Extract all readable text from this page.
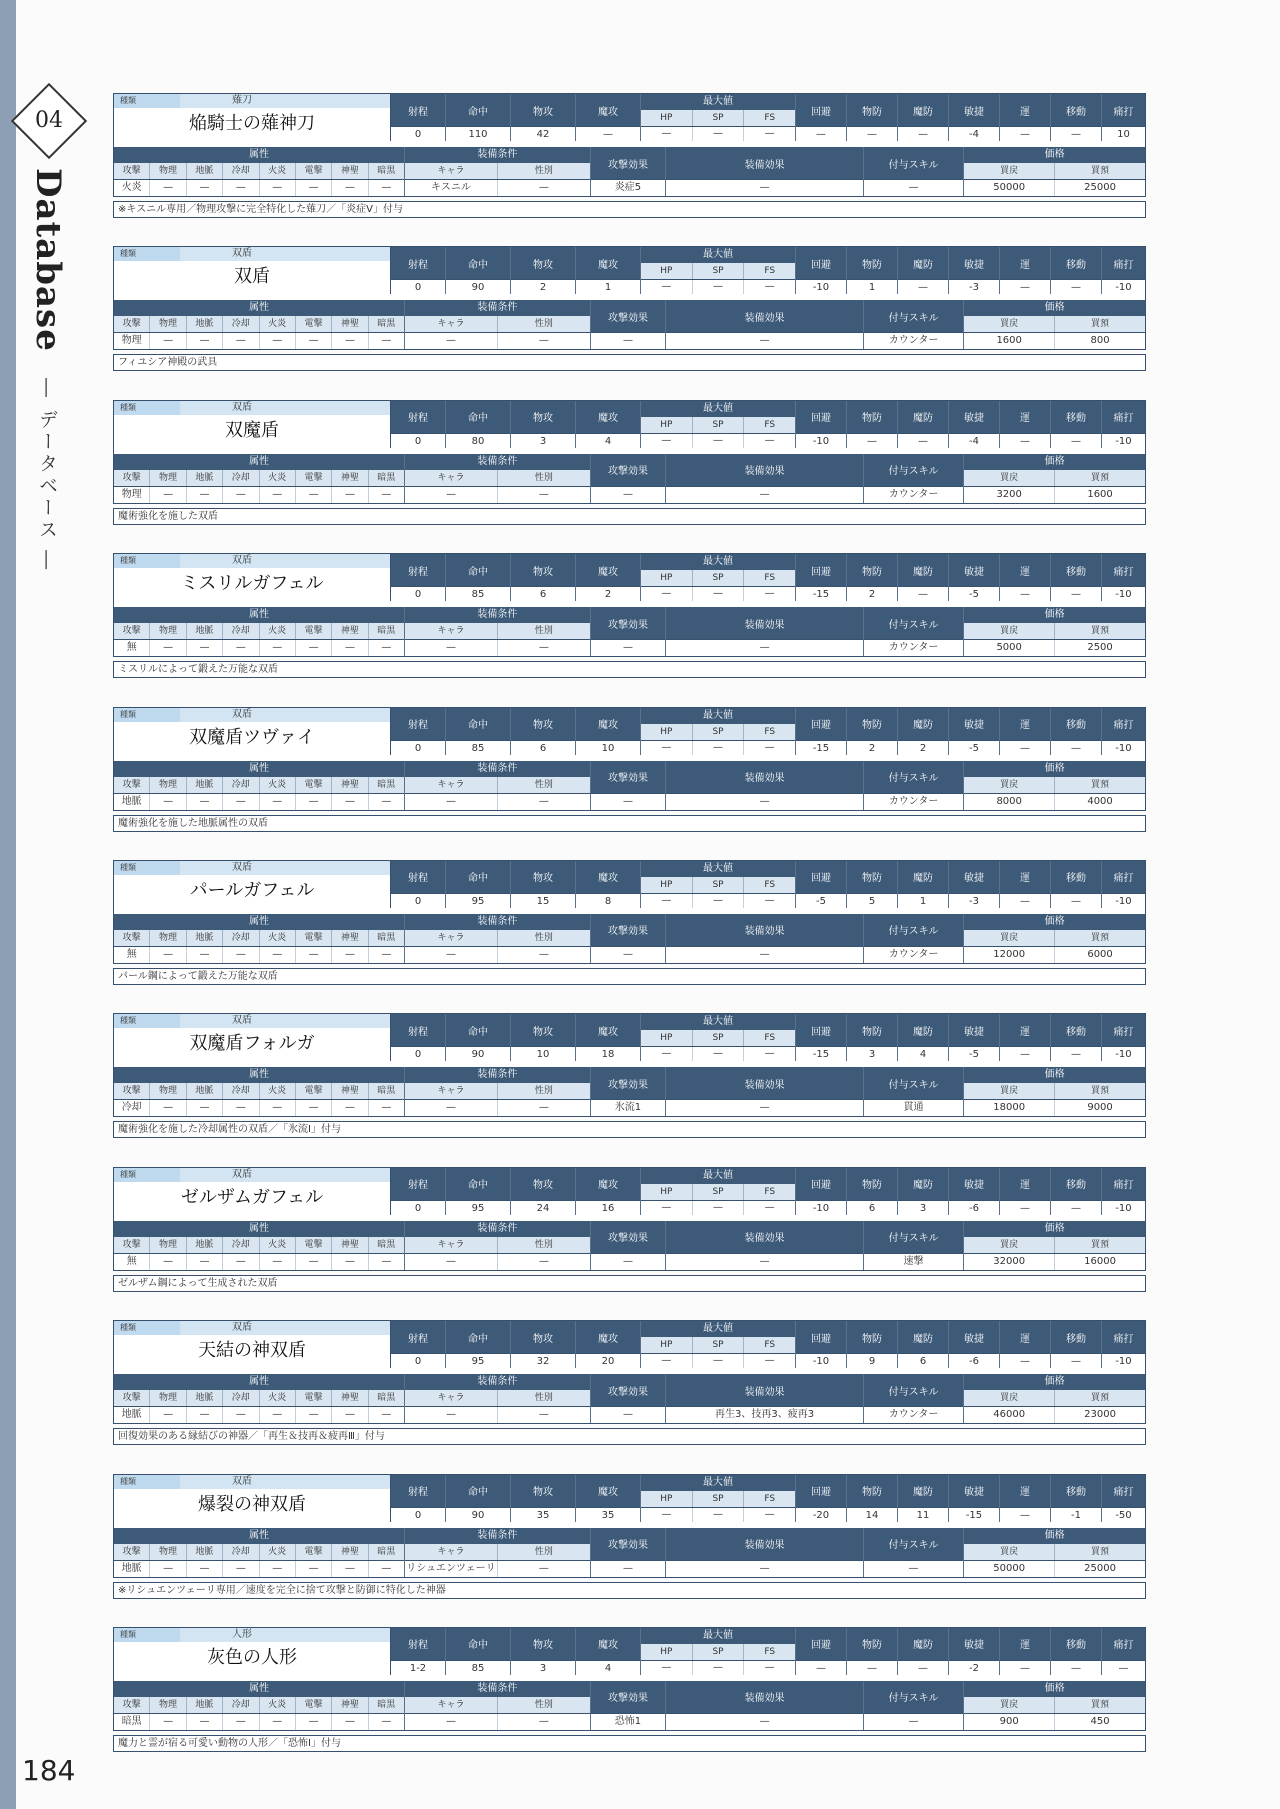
04
Database
― データベース ―
184
種類	薙刀
焔騎士の薙神刀
射程
0
命中
110
物攻
42
魔攻
—
最大値
HP	SP	FS
—	—	—
回避
—
物防
—
魔防
—
敏捷
-4
運
—
移動
—
痛打
10
属性
攻撃	物理	地脈	冷却	火炎	電撃	神聖	暗黒
火炎	—	—	—	—	—	—	—
装備条件
キャラ	性別
キスニル	—
攻撃効果
炎症5
装備効果
—
付与スキル
—
価格
買戻	買預
50000	25000
※キスニル専用／物理攻撃に完全特化した薙刀／「炎症Ⅴ」付与
種類	双盾
双盾
射程
0
命中
90
物攻
2
魔攻
1
最大値
HP	SP	FS
—	—	—
回避
-10
物防
1
魔防
—
敏捷
-3
運
—
移動
—
痛打
-10
属性
攻撃	物理	地脈	冷却	火炎	電撃	神聖	暗黒
物理	—	—	—	—	—	—	—
装備条件
キャラ	性別
—	—
攻撃効果
—
装備効果
—
付与スキル
カウンター
価格
買戻	買預
1600	800
フィユシア神殿の武具
種類	双盾
双魔盾
射程
0
命中
80
物攻
3
魔攻
4
最大値
HP	SP	FS
—	—	—
回避
-10
物防
—
魔防
—
敏捷
-4
運
—
移動
—
痛打
-10
属性
攻撃	物理	地脈	冷却	火炎	電撃	神聖	暗黒
物理	—	—	—	—	—	—	—
装備条件
キャラ	性別
—	—
攻撃効果
—
装備効果
—
付与スキル
カウンター
価格
買戻	買預
3200	1600
魔術強化を施した双盾
種類	双盾
ミスリルガフェル
射程
0
命中
85
物攻
6
魔攻
2
最大値
HP	SP	FS
—	—	—
回避
-15
物防
2
魔防
—
敏捷
-5
運
—
移動
—
痛打
-10
属性
攻撃	物理	地脈	冷却	火炎	電撃	神聖	暗黒
無	—	—	—	—	—	—	—
装備条件
キャラ	性別
—	—
攻撃効果
—
装備効果
—
付与スキル
カウンター
価格
買戻	買預
5000	2500
ミスリルによって鍛えた万能な双盾
種類	双盾
双魔盾ツヴァイ
射程
0
命中
85
物攻
6
魔攻
10
最大値
HP	SP	FS
—	—	—
回避
-15
物防
2
魔防
2
敏捷
-5
運
—
移動
—
痛打
-10
属性
攻撃	物理	地脈	冷却	火炎	電撃	神聖	暗黒
地脈	—	—	—	—	—	—	—
装備条件
キャラ	性別
—	—
攻撃効果
—
装備効果
—
付与スキル
カウンター
価格
買戻	買預
8000	4000
魔術強化を施した地脈属性の双盾
種類	双盾
パールガフェル
射程
0
命中
95
物攻
15
魔攻
8
最大値
HP	SP	FS
—	—	—
回避
-5
物防
5
魔防
1
敏捷
-3
運
—
移動
—
痛打
-10
属性
攻撃	物理	地脈	冷却	火炎	電撃	神聖	暗黒
無	—	—	—	—	—	—	—
装備条件
キャラ	性別
—	—
攻撃効果
—
装備効果
—
付与スキル
カウンター
価格
買戻	買預
12000	6000
パール鋼によって鍛えた万能な双盾
種類	双盾
双魔盾フォルガ
射程
0
命中
90
物攻
10
魔攻
18
最大値
HP	SP	FS
—	—	—
回避
-15
物防
3
魔防
4
敏捷
-5
運
—
移動
—
痛打
-10
属性
攻撃	物理	地脈	冷却	火炎	電撃	神聖	暗黒
冷却	—	—	—	—	—	—	—
装備条件
キャラ	性別
—	—
攻撃効果
氷流1
装備効果
—
付与スキル
貫通
価格
買戻	買預
18000	9000
魔術強化を施した冷却属性の双盾／「氷流Ⅰ」付与
種類	双盾
ゼルザムガフェル
射程
0
命中
95
物攻
24
魔攻
16
最大値
HP	SP	FS
—	—	—
回避
-10
物防
6
魔防
3
敏捷
-6
運
—
移動
—
痛打
-10
属性
攻撃	物理	地脈	冷却	火炎	電撃	神聖	暗黒
無	—	—	—	—	—	—	—
装備条件
キャラ	性別
—	—
攻撃効果
—
装備効果
—
付与スキル
速撃
価格
買戻	買預
32000	16000
ゼルザム鋼によって生成された双盾
種類	双盾
天結の神双盾
射程
0
命中
95
物攻
32
魔攻
20
最大値
HP	SP	FS
—	—	—
回避
-10
物防
9
魔防
6
敏捷
-6
運
—
移動
—
痛打
-10
属性
攻撃	物理	地脈	冷却	火炎	電撃	神聖	暗黒
地脈	—	—	—	—	—	—	—
装備条件
キャラ	性別
—	—
攻撃効果
—
装備効果
再生3、技再3、疲再3
付与スキル
カウンター
価格
買戻	買預
46000	23000
回復効果のある縁結びの神器／「再生＆技再＆疲再Ⅲ」付与
種類	双盾
爆裂の神双盾
射程
0
命中
90
物攻
35
魔攻
35
最大値
HP	SP	FS
—	—	—
回避
-20
物防
14
魔防
11
敏捷
-15
運
—
移動
-1
痛打
-50
属性
攻撃	物理	地脈	冷却	火炎	電撃	神聖	暗黒
地脈	—	—	—	—	—	—	—
装備条件
キャラ	性別
リシュエンツェーリ	—
攻撃効果
—
装備効果
—
付与スキル
—
価格
買戻	買預
50000	25000
※リシュエンツェーリ専用／速度を完全に捨て攻撃と防御に特化した神器
種類	人形
灰色の人形
射程
1-2
命中
85
物攻
3
魔攻
4
最大値
HP	SP	FS
—	—	—
回避
—
物防
—
魔防
—
敏捷
-2
運
—
移動
—
痛打
—
属性
攻撃	物理	地脈	冷却	火炎	電撃	神聖	暗黒
暗黒	—	—	—	—	—	—	—
装備条件
キャラ	性別
—	—
攻撃効果
恐怖1
装備効果
—
付与スキル
—
価格
買戻	買預
900	450
魔力と霊が宿る可愛い動物の人形／「恐怖Ⅰ」付与
